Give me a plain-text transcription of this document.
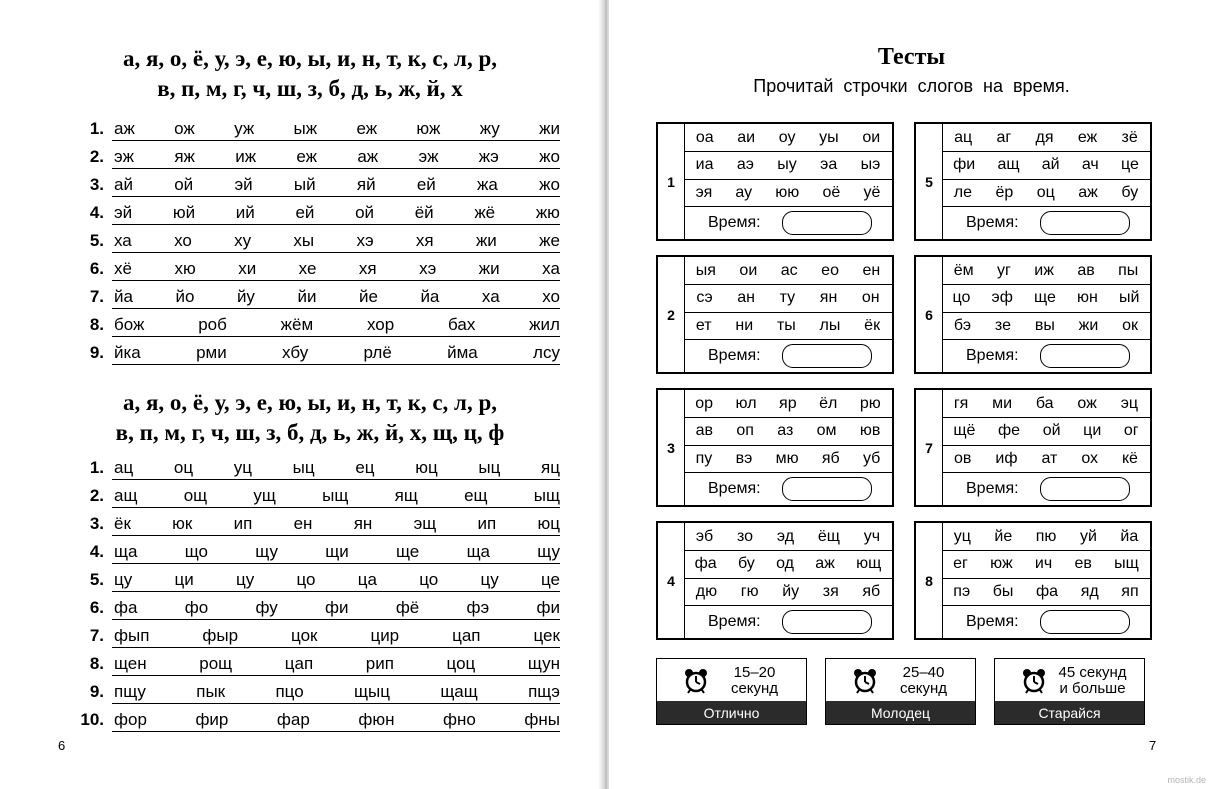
а, я, о, ё, у, э, е, ю, ы, и, н, т, к, с, л, р,
в, п, м, г, ч, ш, з, б, д, ь, ж, й, х
1. аж ож уж ыж еж юж жу жи
2. эж яж иж еж аж эж жэ жо
3. ай ой эй ый яй ей жа жо
4. эй юй ий ей ой ёй жё жю
5. ха хо ху хы хэ хя жи же
6. хё хю хи хе хя хэ жи ха
7. йа	йо	йу	йи	йе	йа	ха	хо
8. бож	роб	жём	хор	бах	жил
9. йка	рми	хбу	рлё	йма	лсу
а, я, о, ё, у, э, е, ю, ы, и, н, т, к, с, л, р,
в, п, м, г, ч, ш, з, б, д, ь, ж, й, х, щ, ц, ф
1. ац оц уц ыц ец юц ыц яц
2. ащ	ощ	ущ	ыщ	ящ	ещ	ыщ
3. ёк юк ип ен ян эщ ип юц
4. ща	що	щу	щи	ще	ща	щу
5. цу ци цу цо ца цо цу це
6. фа	фо	фу	фи	фё	фэ	фи
7. фып	фыр	цок	цир	цап	цек
8. щен	рощ	цап	рип	цоц	щун
9. пщу	пык	пцо	щыц	щащ	пщэ
10. фор	фир	фар	фюн	фно	фны
6
Тесты
Прочитай строчки слогов на время.
1
оа аи оу уы ои
иа аэ ыу эа ыэ
эя ау юю оё уё
Время:
2
ыя ои ас ео ен
сэ ан ту ян он
ет ни ты лы ёк
Время:
3
ор юл яр ёл рю
ав оп аз ом юв
пу вэ мю яб уб
Время:
4
эб зо эд ёщ уч
фа бу од аж ющ
дю гю йу зя яб
Время:
5
ац аг дя еж зё
фи ащ ай ач це
ле ёр оц аж бу
Время:
6
ём уг иж ав пы
цо эф ще юн ый
бэ зе вы жи ок
Время:
7
гя ми ба ож эц
щё фе ой ци ог
ов иф ат ох кё
Время:
8
уц йе пю уй йа
ег юж ич ев ыщ
пэ бы фа яд яп
Время:
15–20
секунд
Отлично
25–40
секунд
Молодец
45 секунд
и больше
Старайся
7
mostik.de
